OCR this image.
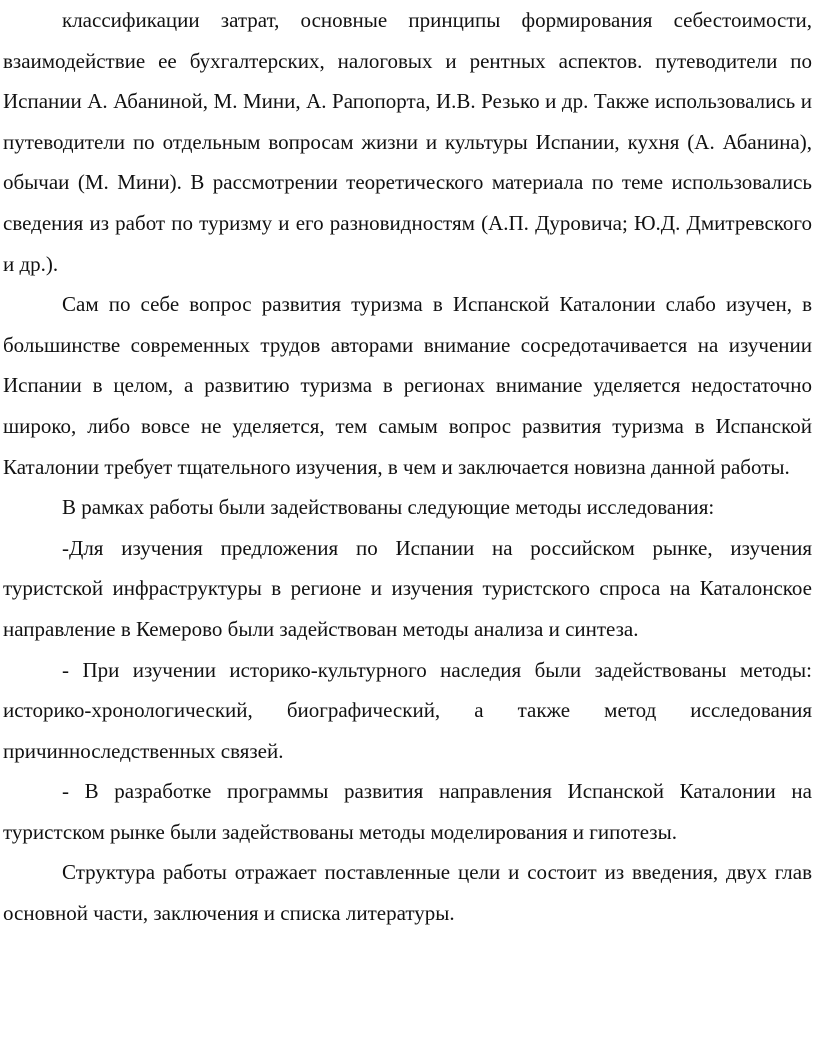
классификации затрат, основные принципы формирования себестоимости, взаимодействие ее бухгалтерских, налоговых и рентных аспектов. путеводители по Испании А. Абаниной, М. Мини, А. Рапопорта, И.В. Резько и др. Также использовались и путеводители по отдельным вопросам жизни и культуры Испании, кухня (А. Абанина), обычаи (М. Мини). В рассмотрении теоретического материала по теме использовались сведения из работ по туризму и его разновидностям (А.П. Дуровича; Ю.Д. Дмитревского и др.).

Сам по себе вопрос развития туризма в Испанской Каталонии слабо изучен, в большинстве современных трудов авторами внимание сосредотачивается на изучении Испании в целом, а развитию туризма в регионах внимание уделяется недостаточно широко, либо вовсе не уделяется, тем самым вопрос развития туризма в Испанской Каталонии требует тщательного изучения, в чем и заключается новизна данной работы.

В рамках работы были задействованы следующие методы исследования:

-Для изучения предложения по Испании на российском рынке, изучения туристской инфраструктуры в регионе и изучения туристского спроса на Каталонское направление в Кемерово были задействован методы анализа и синтеза.

- При изучении историко-культурного наследия были задействованы методы: историко-хронологический, биографический, а также метод исследования причинноследственных связей.

- В разработке программы развития направления Испанской Каталонии на туристском рынке были задействованы методы моделирования и гипотезы.

Структура работы отражает поставленные цели и состоит из введения, двух глав основной части, заключения и списка литературы.
